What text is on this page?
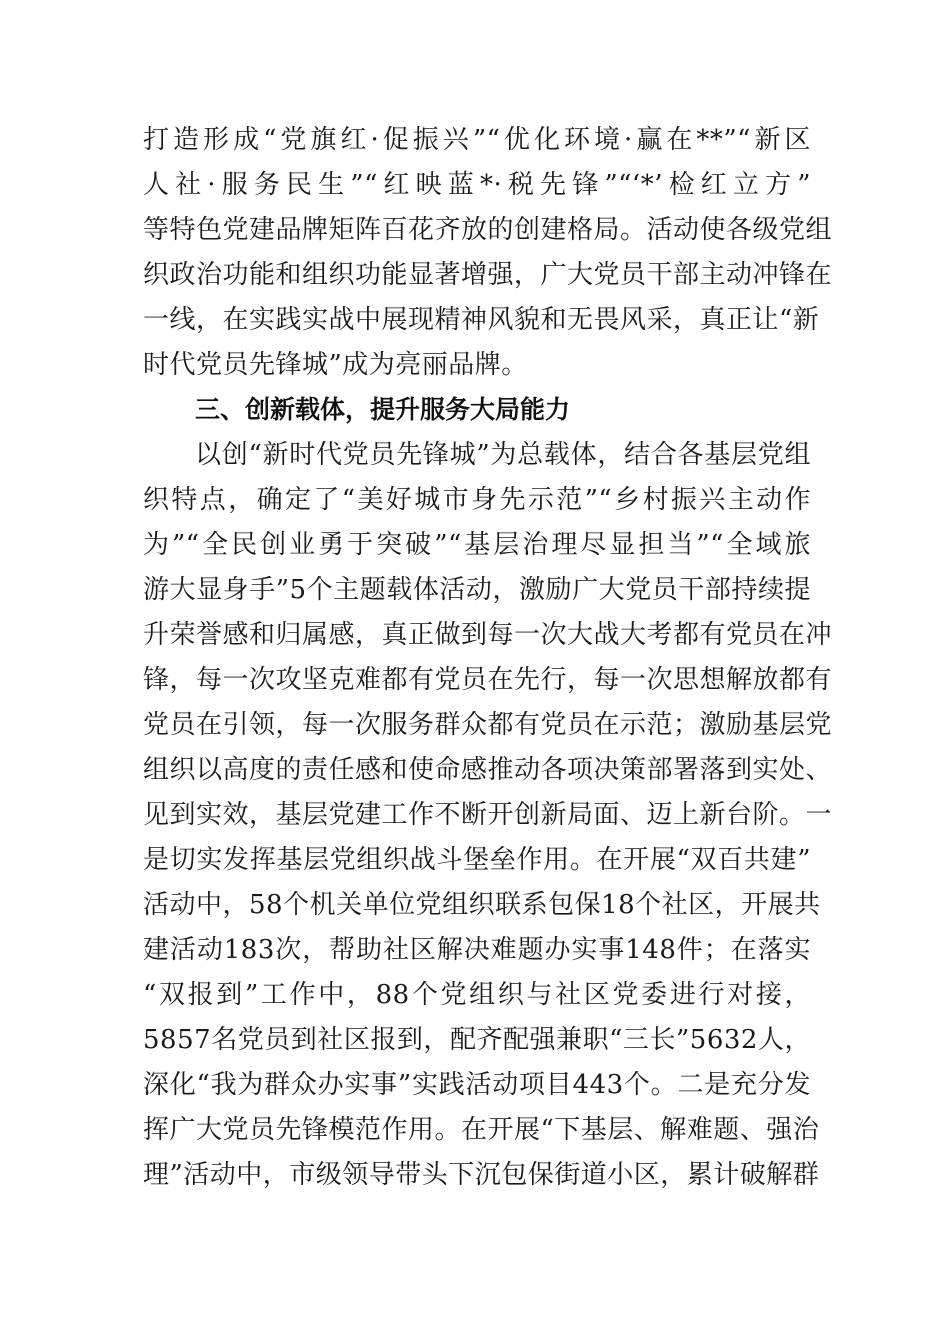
打造形成“党旗红·促振兴”“优化环境·赢在**”“新区
人社·服务民生”“红映蓝*·税先锋”“‘*’检红立方”
等特色党建品牌矩阵百花齐放的创建格局。活动使各级党组
织政治功能和组织功能显著增强，广大党员干部主动冲锋在
一线，在实践实战中展现精神风貌和无畏风采，真正让“新
时代党员先锋城”成为亮丽品牌。
三、创新载体，提升服务大局能力
以创“新时代党员先锋城”为总载体，结合各基层党组
织特点，确定了“美好城市身先示范”“乡村振兴主动作
为”“全民创业勇于突破”“基层治理尽显担当”“全域旅
游大显身手”5个主题载体活动，激励广大党员干部持续提
升荣誉感和归属感，真正做到每一次大战大考都有党员在冲
锋，每一次攻坚克难都有党员在先行，每一次思想解放都有
党员在引领，每一次服务群众都有党员在示范；激励基层党
组织以高度的责任感和使命感推动各项决策部署落到实处、
见到实效，基层党建工作不断开创新局面、迈上新台阶。一
是切实发挥基层党组织战斗堡垒作用。在开展“双百共建”
活动中，58个机关单位党组织联系包保18个社区，开展共
建活动183次，帮助社区解决难题办实事148件；在落实
“双报到”工作中，88个党组织与社区党委进行对接，
5857名党员到社区报到，配齐配强兼职“三长”5632人，
深化“我为群众办实事”实践活动项目443个。二是充分发
挥广大党员先锋模范作用。在开展“下基层、解难题、强治
理”活动中，市级领导带头下沉包保街道小区，累计破解群
